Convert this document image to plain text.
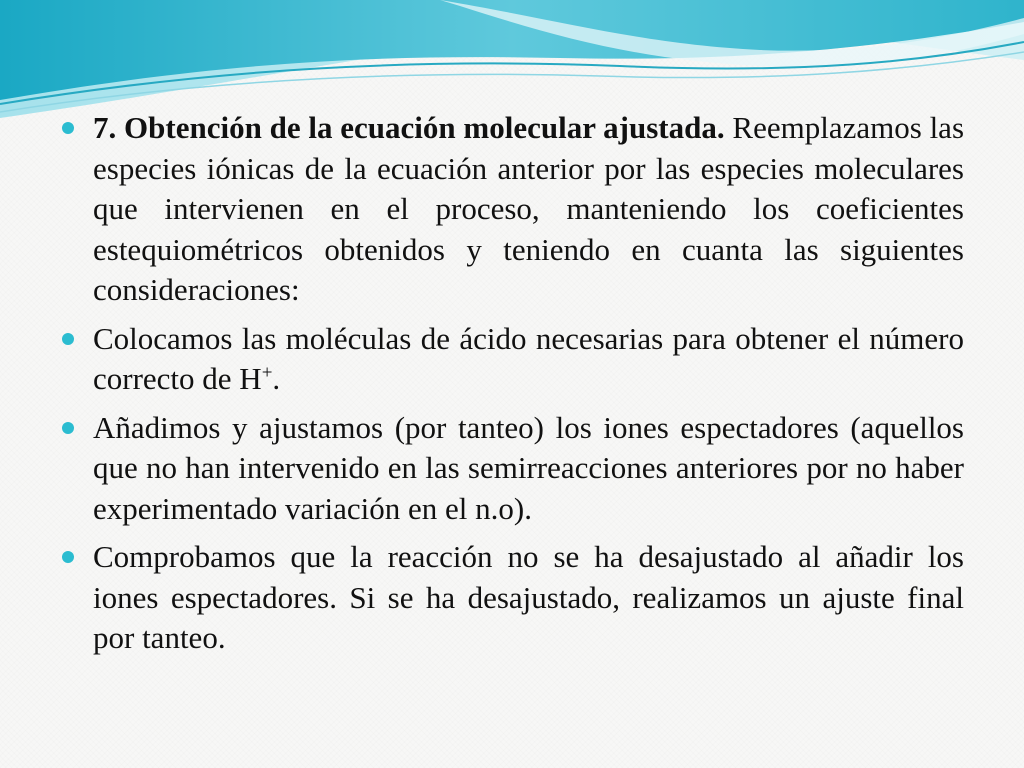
7. Obtención de la ecuación molecular ajustada. Reemplazamos las especies iónicas de la ecuación anterior por las especies moleculares que intervienen en el proceso, manteniendo los coeficientes estequiométricos obtenidos y teniendo en cuanta las siguientes consideraciones:

Colocamos las moléculas de ácido necesarias para obtener el número correcto de H+.

Añadimos y ajustamos (por tanteo) los iones espectadores (aquellos que no han intervenido en las semirreacciones anteriores por no haber experimentado variación en el n.o).

Comprobamos que la reacción no se ha desajustado al añadir los iones espectadores. Si se ha desajustado, realizamos un ajuste final por tanteo.
